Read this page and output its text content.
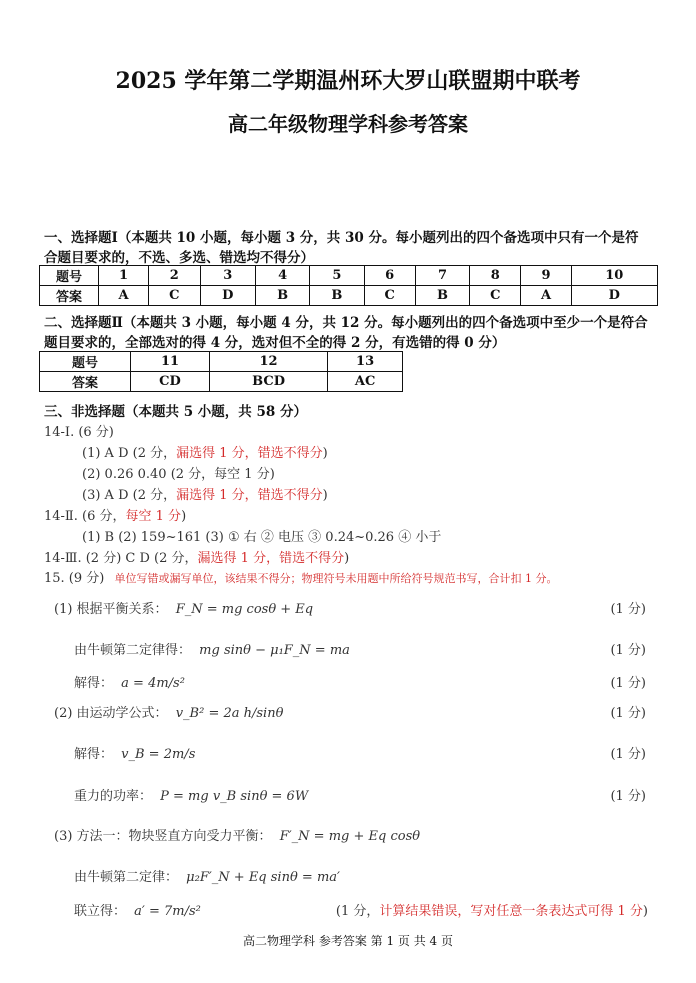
2025 学年第二学期温州环大罗山联盟期中联考
高二年级物理学科参考答案
一、选择题Ⅰ（本题共 10 小题，每小题 3 分，共 30 分。每小题列出的四个备选项中只有一个是符
合题目要求的，不选、多选、错选均不得分）
题号	1	2	3	4	5	6	7	8	9	10
答案	A	C	D	B	B	C	B	C	A	D
二、选择题Ⅱ（本题共 3 小题，每小题 4 分，共 12 分。每小题列出的四个备选项中至少一个是符合
题目要求的，全部选对的得 4 分，选对但不全的得 2 分，有选错的得 0 分）
题号	11	12	13
答案	CD	BCD	AC
三、非选择题（本题共 5 小题，共 58 分）
14-Ⅰ. (6 分)
(1) A D (2 分，漏选得 1 分，错选不得分)
(2) 0.26 0.40 (2 分，每空 1 分)
(3) A D (2 分，漏选得 1 分，错选不得分)
14-Ⅱ. (6 分，每空 1 分)
(1) B (2) 159~161 (3) ① 右 ② 电压 ③ 0.24~0.26 ④ 小于
14-Ⅲ. (2 分) C D (2 分，漏选得 1 分，错选不得分)
15. (9 分) 单位写错或漏写单位，该结果不得分；物理符号未用题中所给符号规范书写，合计扣 1 分。
(1) 根据平衡关系： F_N = mg cosθ + Eq	(1 分)
由牛顿第二定律得： mg sinθ − μ₁F_N = ma	(1 分)
解得： a = 4m/s²	(1 分)
(2) 由运动学公式： v_B² = 2a h/sinθ	(1 分)
解得： v_B = 2m/s	(1 分)
重力的功率： P = mg v_B sinθ = 6W	(1 分)
(3) 方法一：物块竖直方向受力平衡： F′_N = mg + Eq cosθ
由牛顿第二定律： μ₂F′_N + Eq sinθ = ma′
联立得： a′ = 7m/s²	(1 分，计算结果错误，写对任意一条表达式可得 1 分)
高二物理学科 参考答案 第 1 页 共 4 页
